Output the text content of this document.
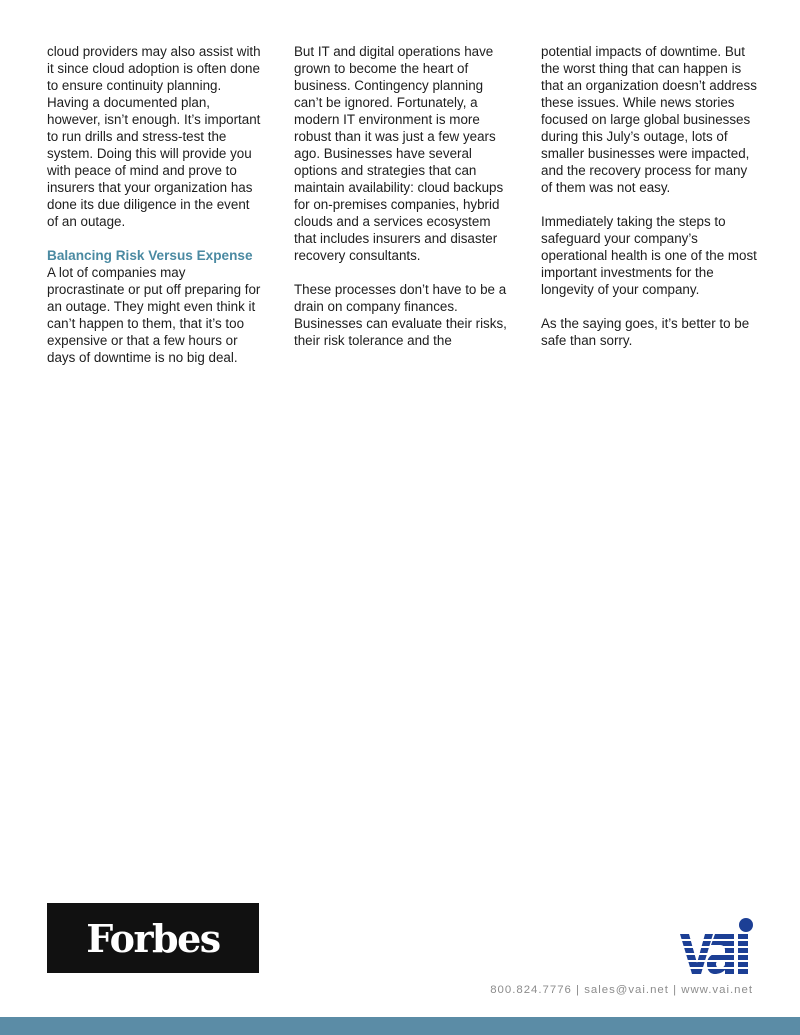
cloud providers may also assist with it since cloud adoption is often done to ensure continuity planning. Having a documented plan, however, isn’t enough. It’s important to run drills and stress-test the system. Doing this will provide you with peace of mind and prove to insurers that your organization has done its due diligence in the event of an outage.

Balancing Risk Versus Expense

A lot of companies may procrastinate or put off preparing for an outage. They might even think it can’t happen to them, that it’s too expensive or that a few hours or days of downtime is no big deal.

But IT and digital operations have grown to become the heart of business. Contingency planning can’t be ignored. Fortunately, a modern IT environment is more robust than it was just a few years ago. Businesses have several options and strategies that can maintain availability: cloud backups for on-premises companies, hybrid clouds and a services ecosystem that includes insurers and disaster recovery consultants.

These processes don’t have to be a drain on company finances. Businesses can evaluate their risks, their risk tolerance and the

potential impacts of downtime. But the worst thing that can happen is that an organization doesn’t address these issues. While news stories focused on large global businesses during this July’s outage, lots of smaller businesses were impacted, and the recovery process for many of them was not easy.

Immediately taking the steps to safeguard your company’s operational health is one of the most important investments for the longevity of your company.

As the saying goes, it’s better to be safe than sorry.

Forbes
800.824.7776 | sales@vai.net | www.vai.net
